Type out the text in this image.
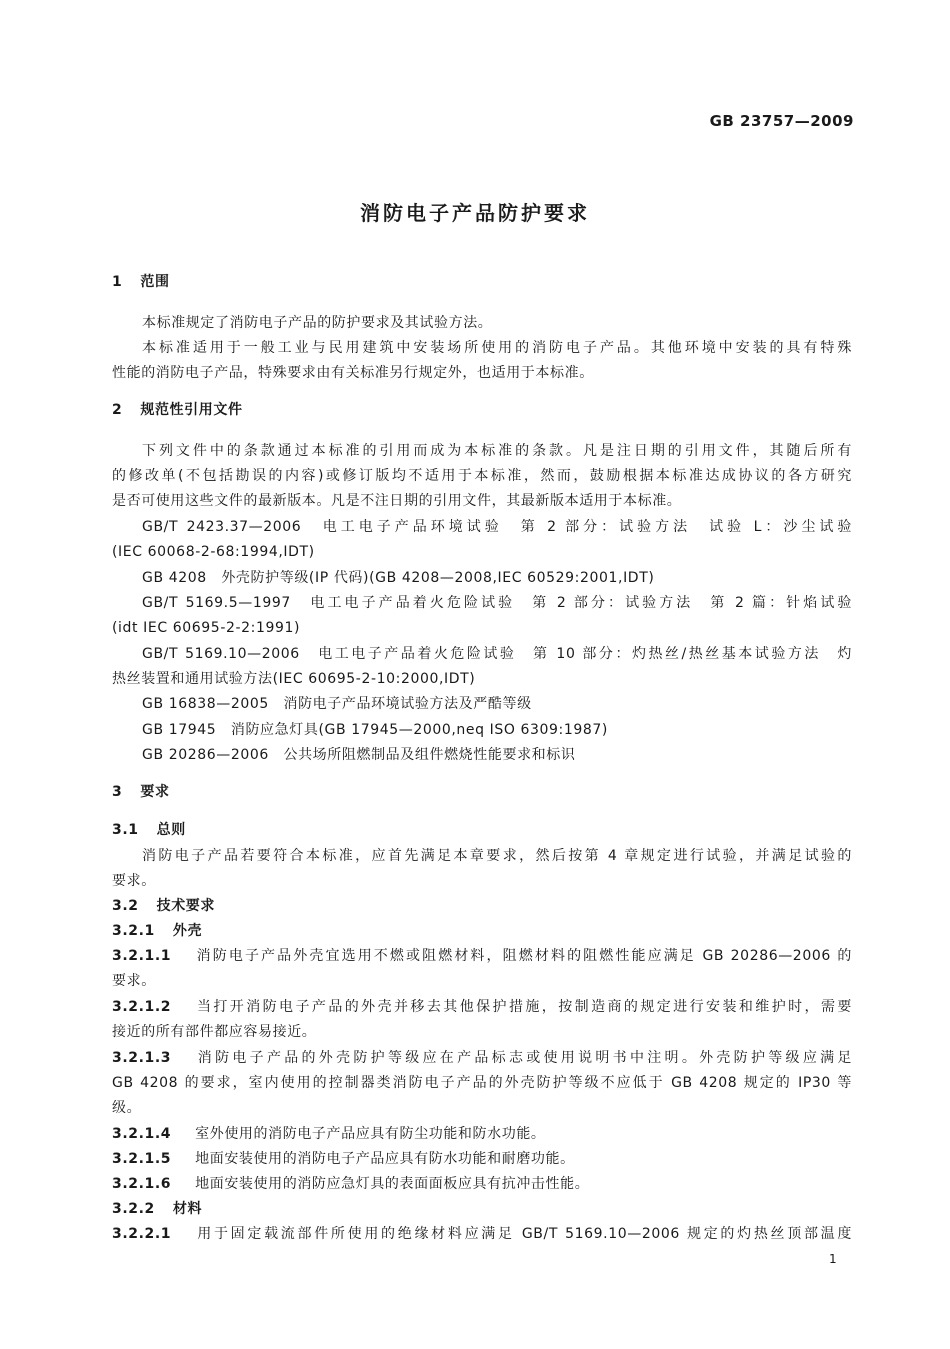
GB 23757—2009
消防电子产品防护要求
1 范围
本标准规定了消防电子产品的防护要求及其试验方法。
本标准适用于一般工业与民用建筑中安装场所使用的消防电子产品。其他环境中安装的具有特殊
性能的消防电子产品，特殊要求由有关标准另行规定外，也适用于本标准。
2 规范性引用文件
下列文件中的条款通过本标准的引用而成为本标准的条款。凡是注日期的引用文件，其随后所有
的修改单(不包括勘误的内容)或修订版均不适用于本标准，然而，鼓励根据本标准达成协议的各方研究
是否可使用这些文件的最新版本。凡是不注日期的引用文件，其最新版本适用于本标准。
GB/T 2423.37—2006　电工电子产品环境试验　第 2 部分：试验方法　试验 L：沙尘试验
(IEC 60068-2-68:1994,IDT)
GB 4208　外壳防护等级(IP 代码)(GB 4208—2008,IEC 60529:2001,IDT)
GB/T 5169.5—1997　电工电子产品着火危险试验　第 2 部分：试验方法　第 2 篇：针焰试验
(idt IEC 60695-2-2:1991)
GB/T 5169.10—2006　电工电子产品着火危险试验　第 10 部分：灼热丝/热丝基本试验方法　灼
热丝装置和通用试验方法(IEC 60695-2-10:2000,IDT)
GB 16838—2005　消防电子产品环境试验方法及严酷等级
GB 17945　消防应急灯具(GB 17945—2000,neq ISO 6309:1987)
GB 20286—2006　公共场所阻燃制品及组件燃烧性能要求和标识
3 要求
3.1 总则
消防电子产品若要符合本标准，应首先满足本章要求，然后按第 4 章规定进行试验，并满足试验的
要求。
3.2 技术要求
3.2.1 外壳
3.2.1.1 消防电子产品外壳宜选用不燃或阻燃材料，阻燃材料的阻燃性能应满足 GB 20286—2006 的
要求。
3.2.1.2 当打开消防电子产品的外壳并移去其他保护措施，按制造商的规定进行安装和维护时，需要
接近的所有部件都应容易接近。
3.2.1.3 消防电子产品的外壳防护等级应在产品标志或使用说明书中注明。外壳防护等级应满足
GB 4208 的要求，室内使用的控制器类消防电子产品的外壳防护等级不应低于 GB 4208 规定的 IP30 等
级。
3.2.1.4 室外使用的消防电子产品应具有防尘功能和防水功能。
3.2.1.5 地面安装使用的消防电子产品应具有防水功能和耐磨功能。
3.2.1.6 地面安装使用的消防应急灯具的表面面板应具有抗冲击性能。
3.2.2 材料
3.2.2.1 用于固定载流部件所使用的绝缘材料应满足 GB/T 5169.10—2006 规定的灼热丝顶部温度
1
